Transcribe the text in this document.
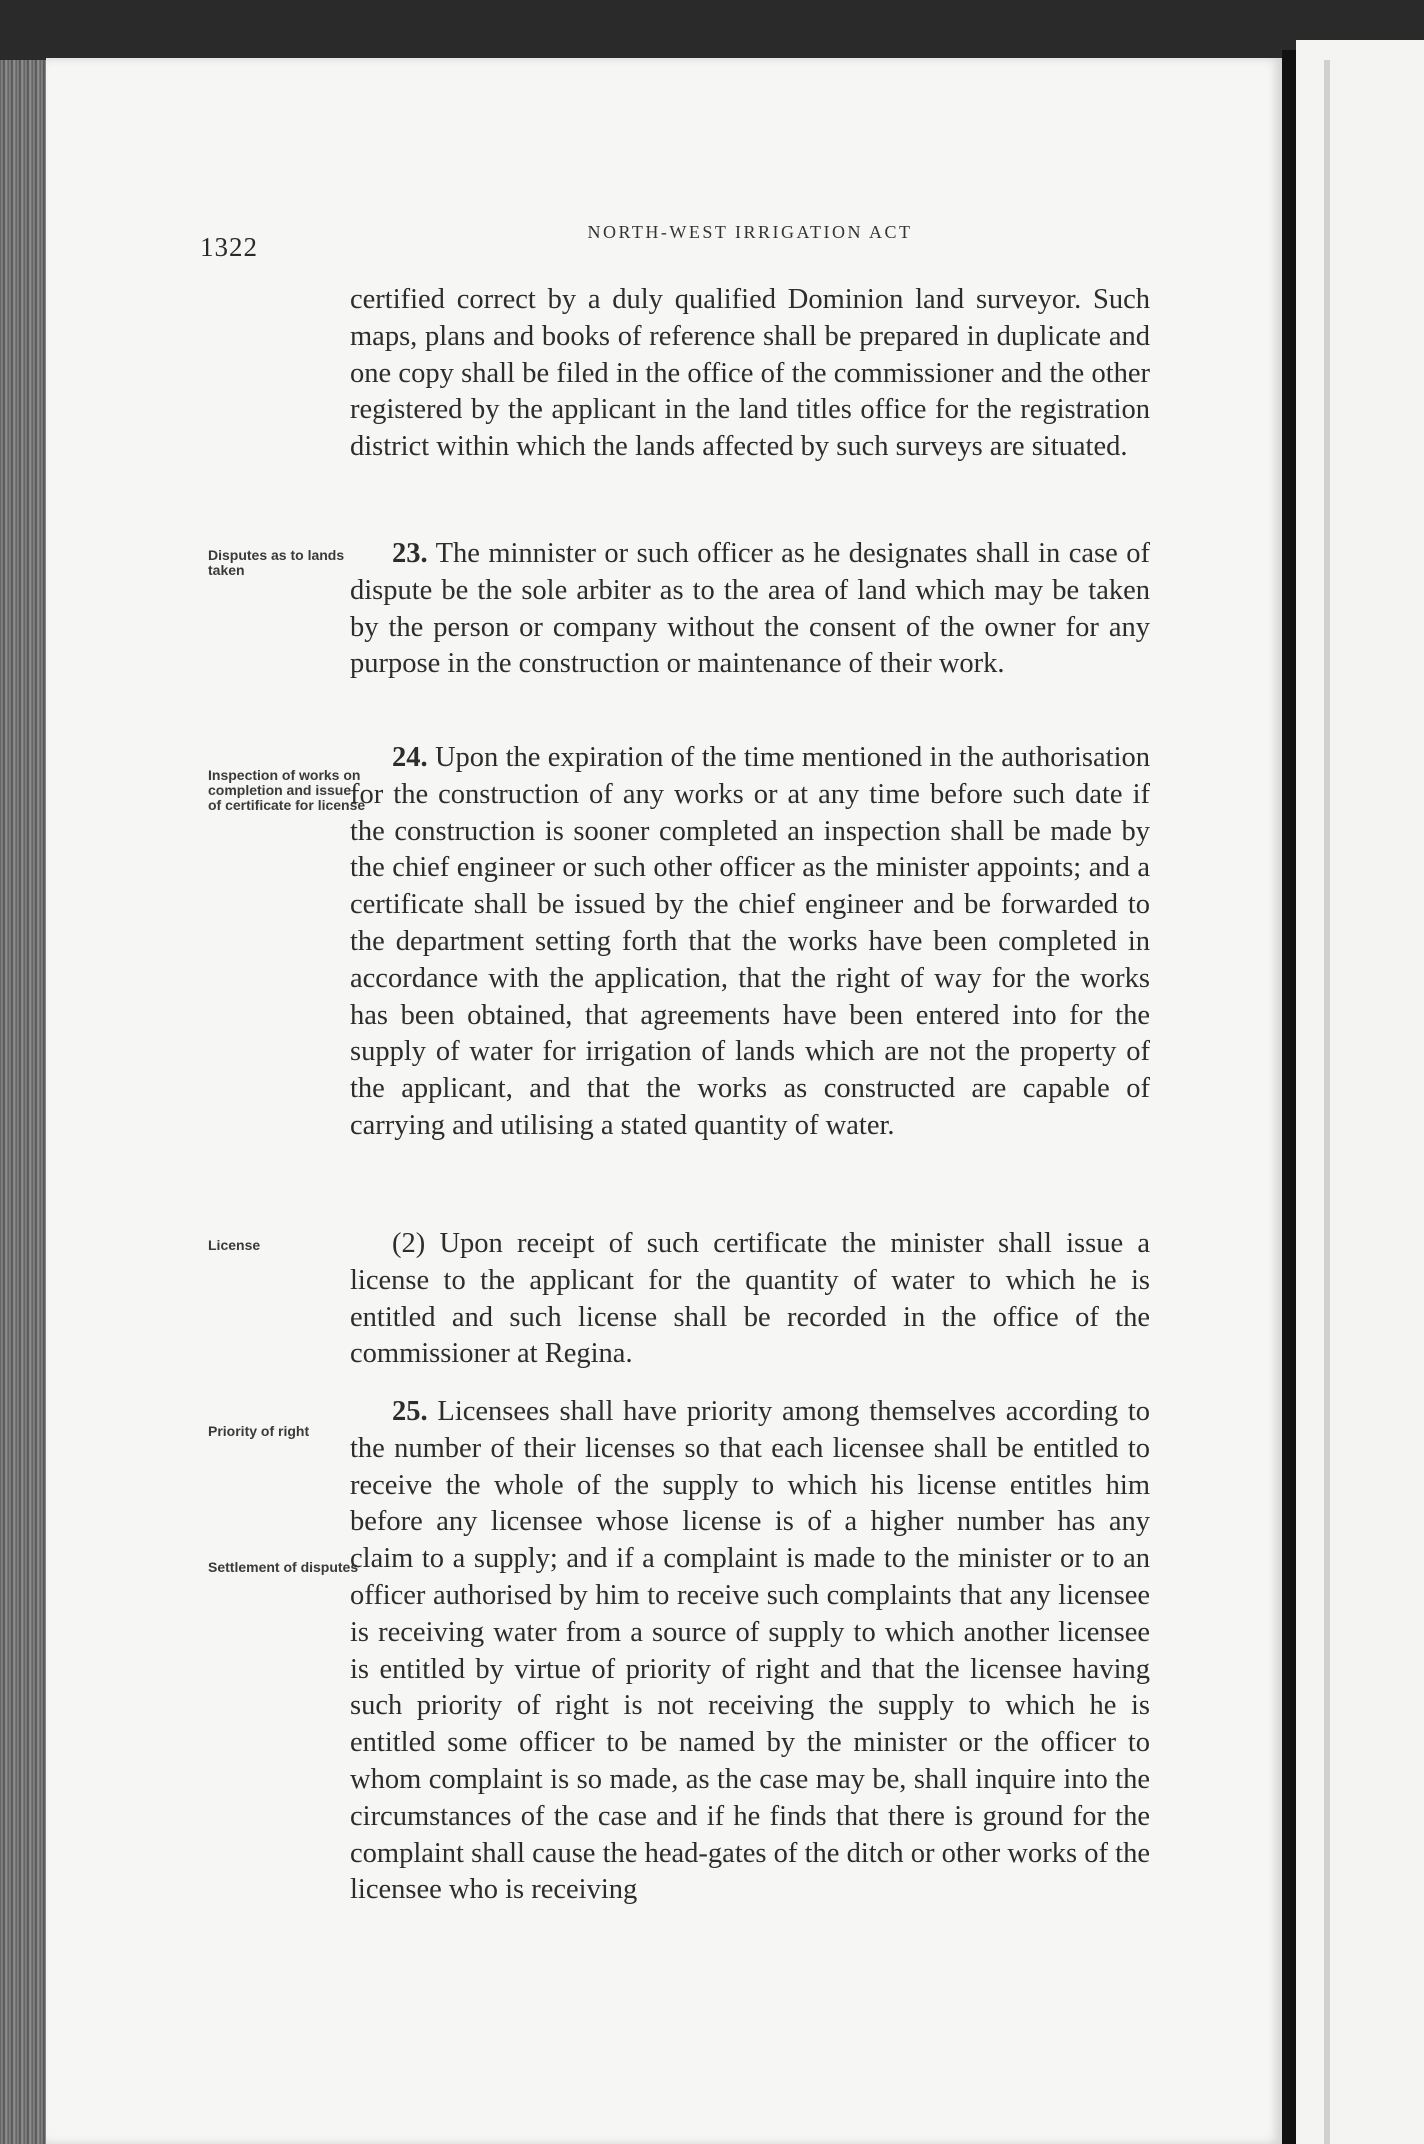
1322	NORTH-WEST IRRIGATION ACT

certified correct by a duly qualified Dominion land surveyor. Such maps, plans and books of reference shall be prepared in duplicate and one copy shall be filed in the office of the commissioner and the other registered by the applicant in the land titles office for the registration district within which the lands affected by such surveys are situated.

Disputes as to lands taken

23. The minnister or such officer as he designates shall in case of dispute be the sole arbiter as to the area of land which may be taken by the person or company without the consent of the owner for any purpose in the construction or maintenance of their work.

Inspection of works on completion and issue of certificate for license

24. Upon the expiration of the time mentioned in the authorisation for the construction of any works or at any time before such date if the construction is sooner completed an inspection shall be made by the chief engineer or such other officer as the minister appoints; and a certificate shall be issued by the chief engineer and be forwarded to the department setting forth that the works have been completed in accordance with the application, that the right of way for the works has been obtained, that agreements have been entered into for the supply of water for irrigation of lands which are not the property of the applicant, and that the works as constructed are capable of carrying and utilising a stated quantity of water.

License	(2) Upon receipt of such certificate the minister shall issue a license to the applicant for the quantity of water to which he is entitled and such license shall be recorded in the office of the commissioner at Regina.

Priority of right

Settlement of disputes

25. Licensees shall have priority among themselves according to the number of their licenses so that each licensee shall be entitled to receive the whole of the supply to which his license entitles him before any licensee whose license is of a higher number has any claim to a supply; and if a complaint is made to the minister or to an officer authorised by him to receive such complaints that any licensee is receiving water from a source of supply to which another licensee is entitled by virtue of priority of right and that the licensee having such priority of right is not receiving the supply to which he is entitled some officer to be named by the minister or the officer to whom complaint is so made, as the case may be, shall inquire into the circumstances of the case and if he finds that there is ground for the complaint shall cause the head-gates of the ditch or other works of the licensee who is receiving
